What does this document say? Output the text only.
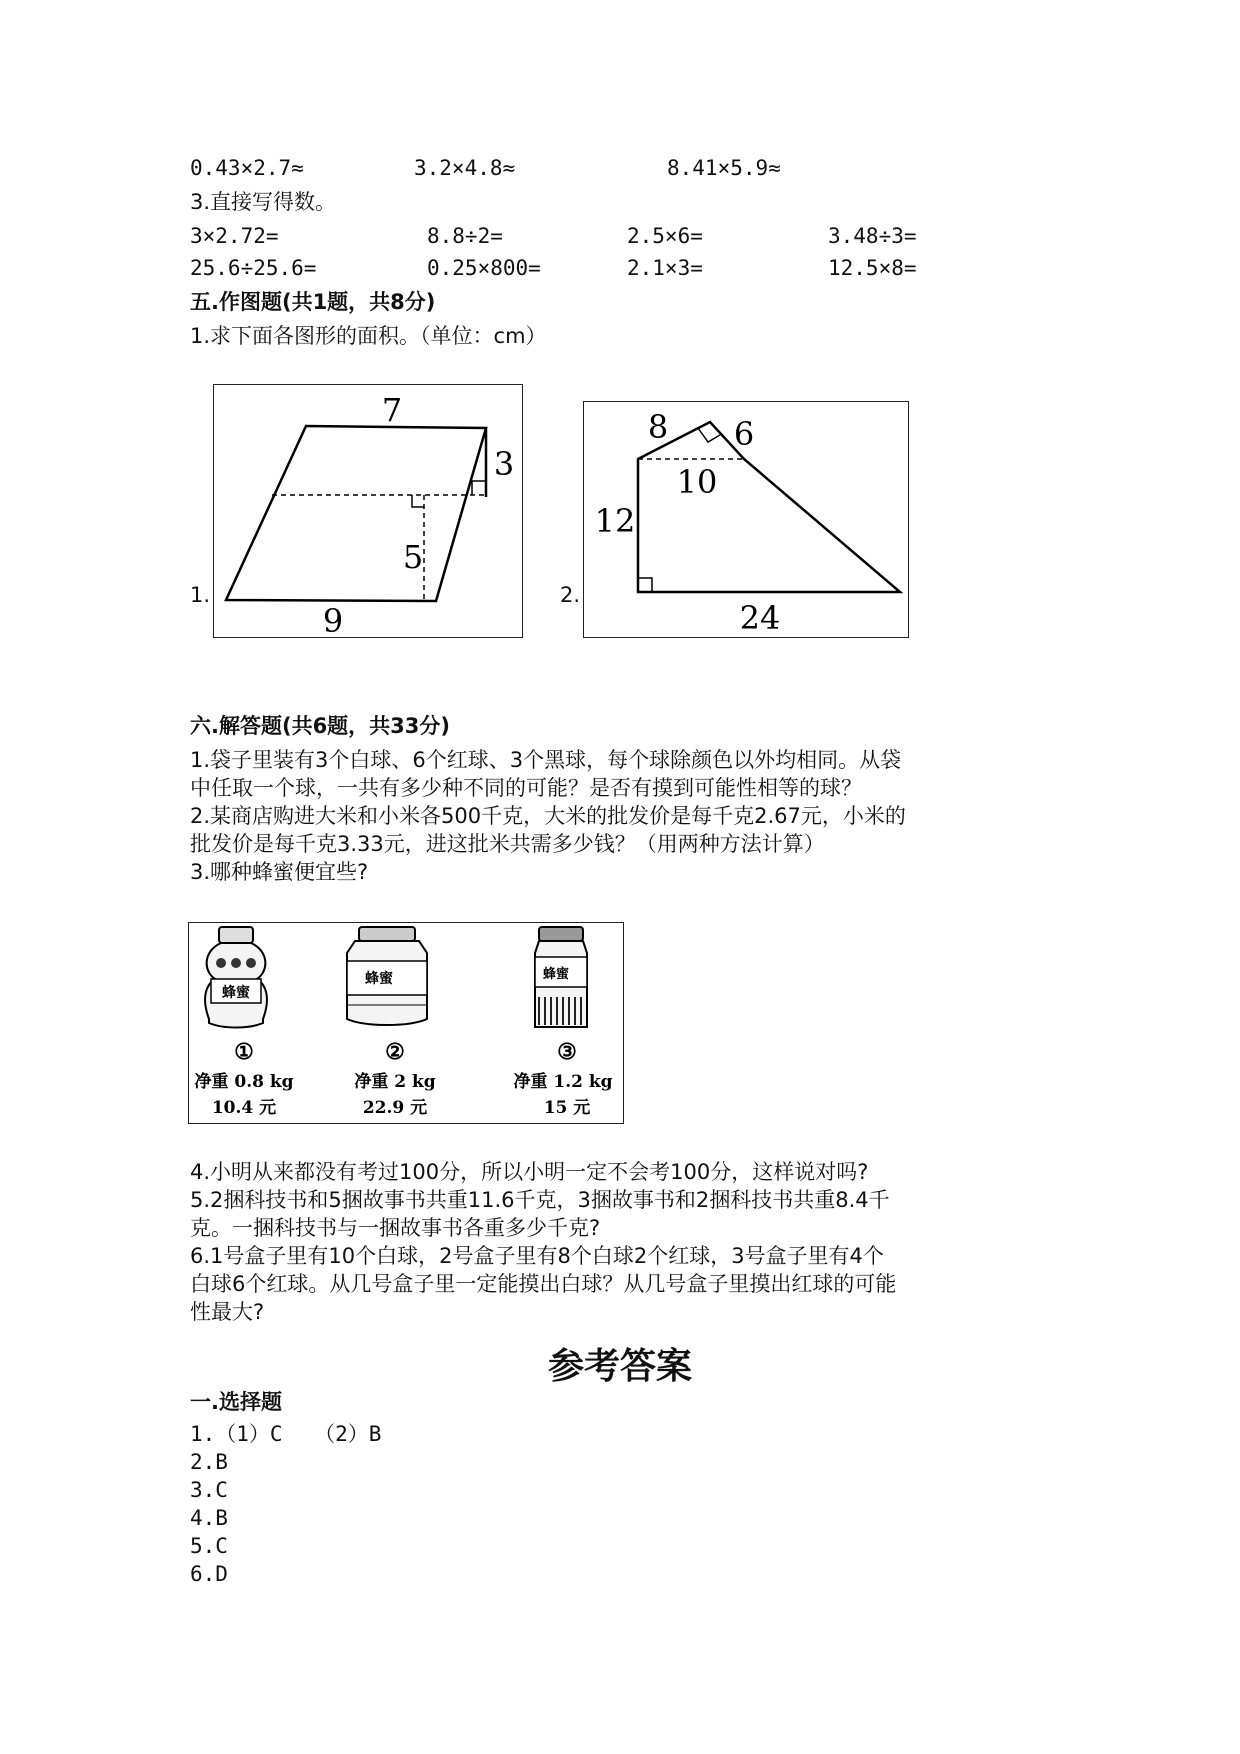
0.43×2.7≈	3.2×4.8≈	8.41×5.9≈
3.直接写得数。
3×2.72=	8.8÷2=	2.5×6=	3.48÷3=
25.6÷25.6=	0.25×800=	2.1×3=	12.5×8=
五.作图题(共1题，共8分)
1.求下面各图形的面积。（单位：cm）
1.
7
3
5
9
2.
8 6
10
12
24
六.解答题(共6题，共33分)
1.袋子里装有3个白球、6个红球、3个黑球，每个球除颜色以外均相同。从袋
中任取一个球，一共有多少种不同的可能？是否有摸到可能性相等的球？
2.某商店购进大米和小米各500千克，大米的批发价是每千克2.67元，小米的
批发价是每千克3.33元，进这批米共需多少钱？（用两种方法计算）
3.哪种蜂蜜便宜些?
蜂蜜
蜂蜜	蜂蜜
①
净重 0.8 kg
10.4 元
②
净重 2 kg
22.9 元
③
净重 1.2 kg
15 元
4.小明从来都没有考过100分，所以小明一定不会考100分，这样说对吗?
5.2捆科技书和5捆故事书共重11.6千克，3捆故事书和2捆科技书共重8.4千
克。一捆科技书与一捆故事书各重多少千克?
6.1号盒子里有10个白球，2号盒子里有8个白球2个红球，3号盒子里有4个
白球6个红球。从几号盒子里一定能摸出白球？从几号盒子里摸出红球的可能
性最大?
参考答案
一.选择题
1.（1）C　　（2）B
2.B
3.C
4.B
5.C
6.D
